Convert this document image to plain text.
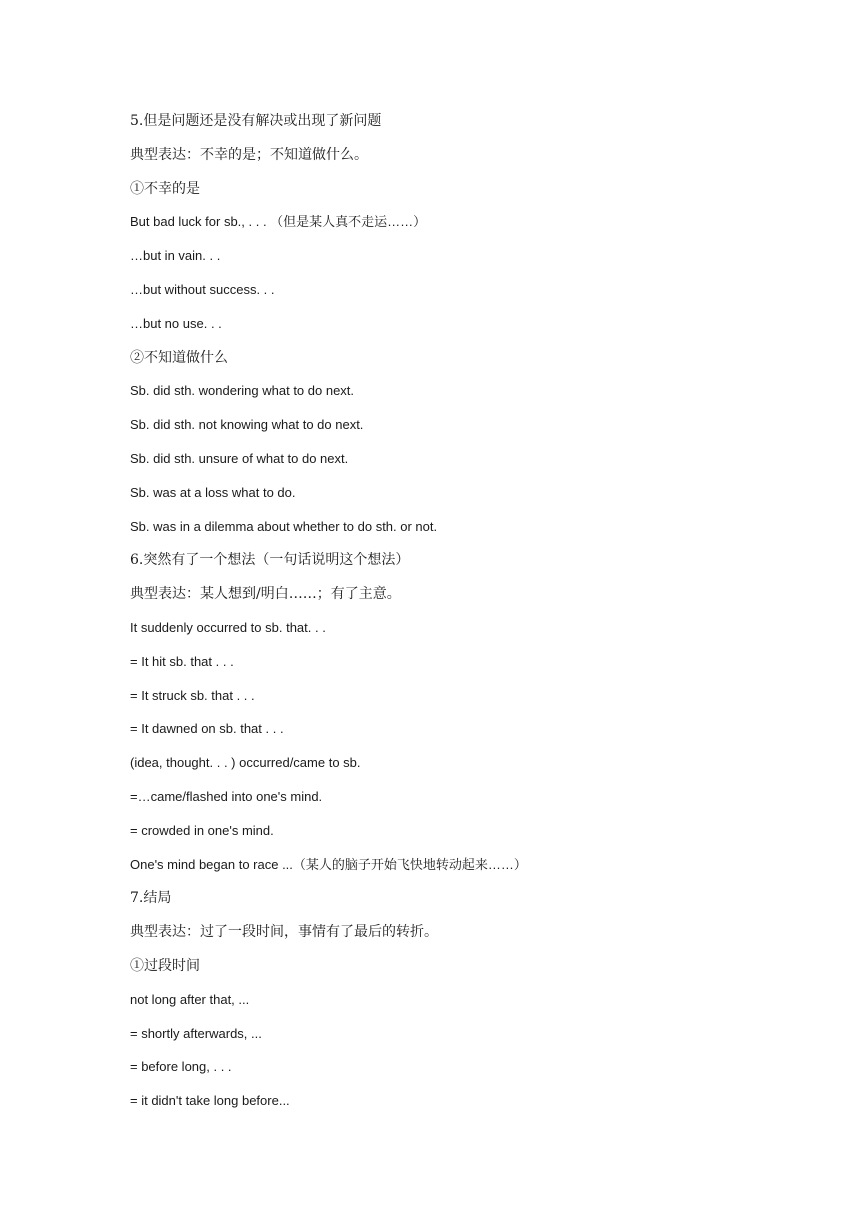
5.但是问题还是没有解决或出现了新问题
典型表达：不幸的是；不知道做什么。
①不幸的是
But bad luck for sb., . . . （但是某人真不走运……）
…but in vain. . .
…but without success. . .
…but no use. . .
②不知道做什么
Sb. did sth. wondering what to do next.
Sb. did sth. not knowing what to do next.
Sb. did sth. unsure of what to do next.
Sb. was at a loss what to do.
Sb. was in a dilemma about whether to do sth. or not.
6.突然有了一个想法（一句话说明这个想法）
典型表达：某人想到/明白……；有了主意。
It suddenly occurred to sb. that. . .
= It hit sb. that . . .
= It struck sb. that . . .
= It dawned on sb. that . . .
(idea, thought. . . ) occurred/came to sb.
=…came/flashed into one's mind.
= crowded in one's mind.
One's mind began to race ...（某人的脑子开始飞快地转动起来……）
7.结局
典型表达：过了一段时间，事情有了最后的转折。
①过段时间
not long after that, ...
= shortly afterwards, ...
= before long, . . .
= it didn't take long before...
